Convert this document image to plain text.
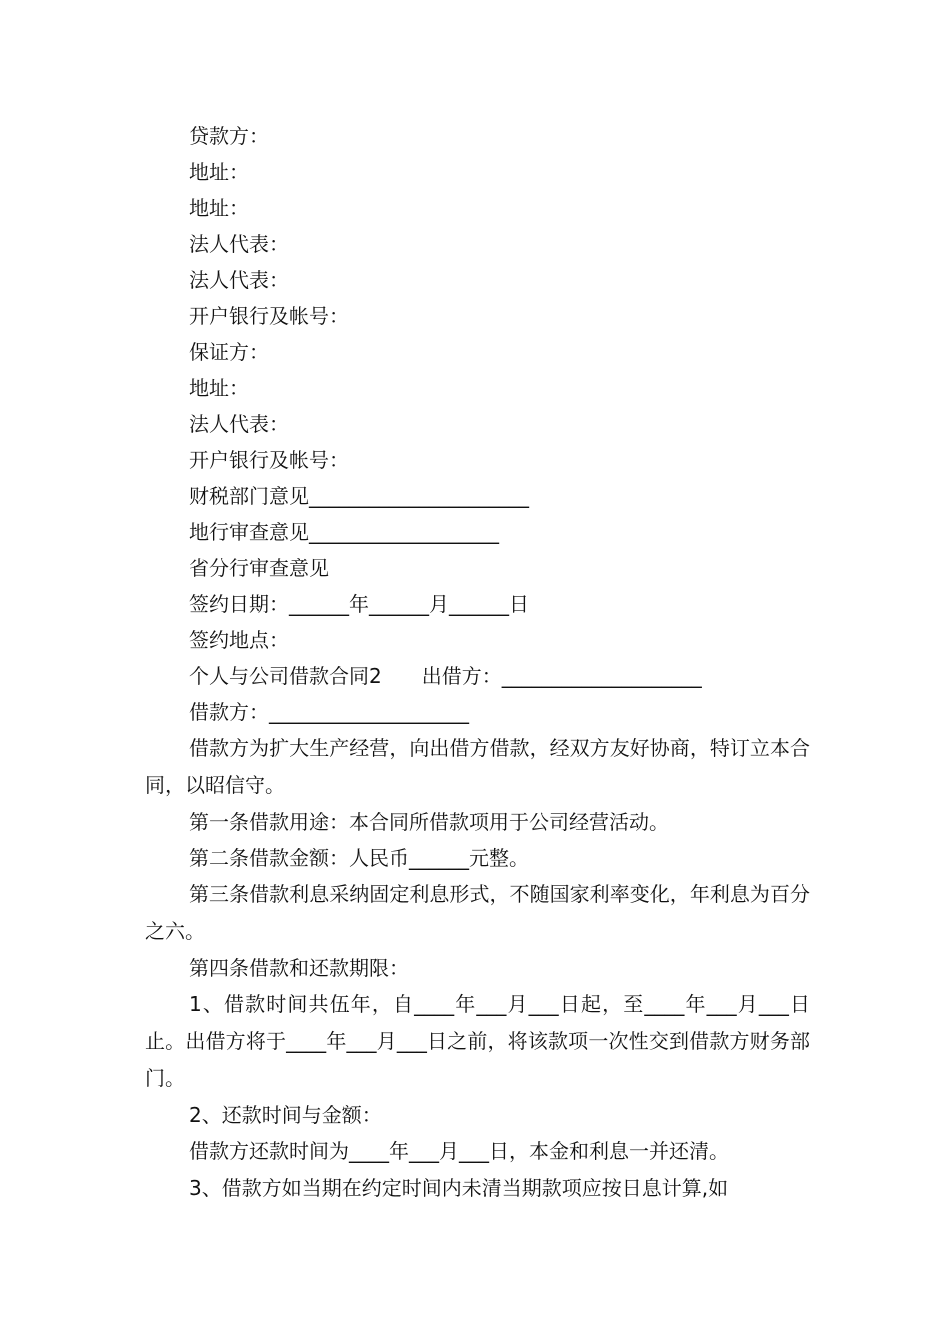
贷款方：
地址：
地址：
法人代表：
法人代表：
开户银行及帐号：
保证方：
地址：
法人代表：
开户银行及帐号：
财税部门意见______________________
地行审查意见___________________
省分行审查意见
签约日期：______年______月______日
签约地点：
个人与公司借款合同2　　出借方：____________________
借款方：____________________

借款方为扩大生产经营，向出借方借款，经双方友好协商，特订立本合同，以昭信守。

第一条借款用途：本合同所借款项用于公司经营活动。

第二条借款金额：人民币______元整。

第三条借款利息采纳固定利息形式，不随国家利率变化，年利息为百分之六。

第四条借款和还款期限：

1、借款时间共伍年，自____年___月___日起，至____年___月___日止。出借方将于____年___月___日之前，将该款项一次性交到借款方财务部门。

2、还款时间与金额：

借款方还款时间为____年___月___日，本金和利息一并还清。

3、借款方如当期在约定时间内未清当期款项应按日息计算,如
